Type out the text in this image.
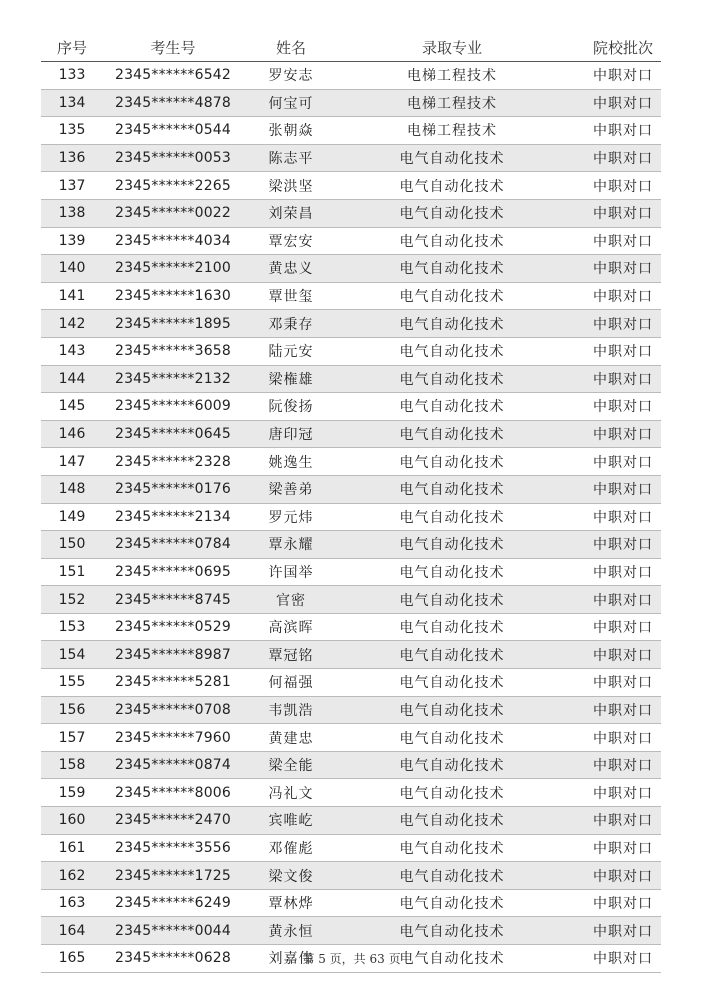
序号	考生号	姓名	录取专业	院校批次
133	2345******6542	罗安志	电梯工程技术	中职对口
134	2345******4878	何宝可	电梯工程技术	中职对口
135	2345******0544	张朝焱	电梯工程技术	中职对口
136	2345******0053	陈志平	电气自动化技术	中职对口
137	2345******2265	梁洪坚	电气自动化技术	中职对口
138	2345******0022	刘荣昌	电气自动化技术	中职对口
139	2345******4034	覃宏安	电气自动化技术	中职对口
140	2345******2100	黄忠义	电气自动化技术	中职对口
141	2345******1630	覃世玺	电气自动化技术	中职对口
142	2345******1895	邓秉存	电气自动化技术	中职对口
143	2345******3658	陆元安	电气自动化技术	中职对口
144	2345******2132	梁権雄	电气自动化技术	中职对口
145	2345******6009	阮俊扬	电气自动化技术	中职对口
146	2345******0645	唐印冠	电气自动化技术	中职对口
147	2345******2328	姚逸生	电气自动化技术	中职对口
148	2345******0176	梁善弟	电气自动化技术	中职对口
149	2345******2134	罗元炜	电气自动化技术	中职对口
150	2345******0784	覃永耀	电气自动化技术	中职对口
151	2345******0695	许国举	电气自动化技术	中职对口
152	2345******8745	官密	电气自动化技术	中职对口
153	2345******0529	高滨晖	电气自动化技术	中职对口
154	2345******8987	覃冠铭	电气自动化技术	中职对口
155	2345******5281	何福强	电气自动化技术	中职对口
156	2345******0708	韦凯浩	电气自动化技术	中职对口
157	2345******7960	黄建忠	电气自动化技术	中职对口
158	2345******0874	梁全能	电气自动化技术	中职对口
159	2345******8006	冯礼文	电气自动化技术	中职对口
160	2345******2470	宾唯屹	电气自动化技术	中职对口
161	2345******3556	邓傕彪	电气自动化技术	中职对口
162	2345******1725	梁文俊	电气自动化技术	中职对口
163	2345******6249	覃林烨	电气自动化技术	中职对口
164	2345******0044	黄永恒	电气自动化技术	中职对口
165	2345******0628	刘嘉伟	电气自动化技术	中职对口
第 5 页，共 63 页
